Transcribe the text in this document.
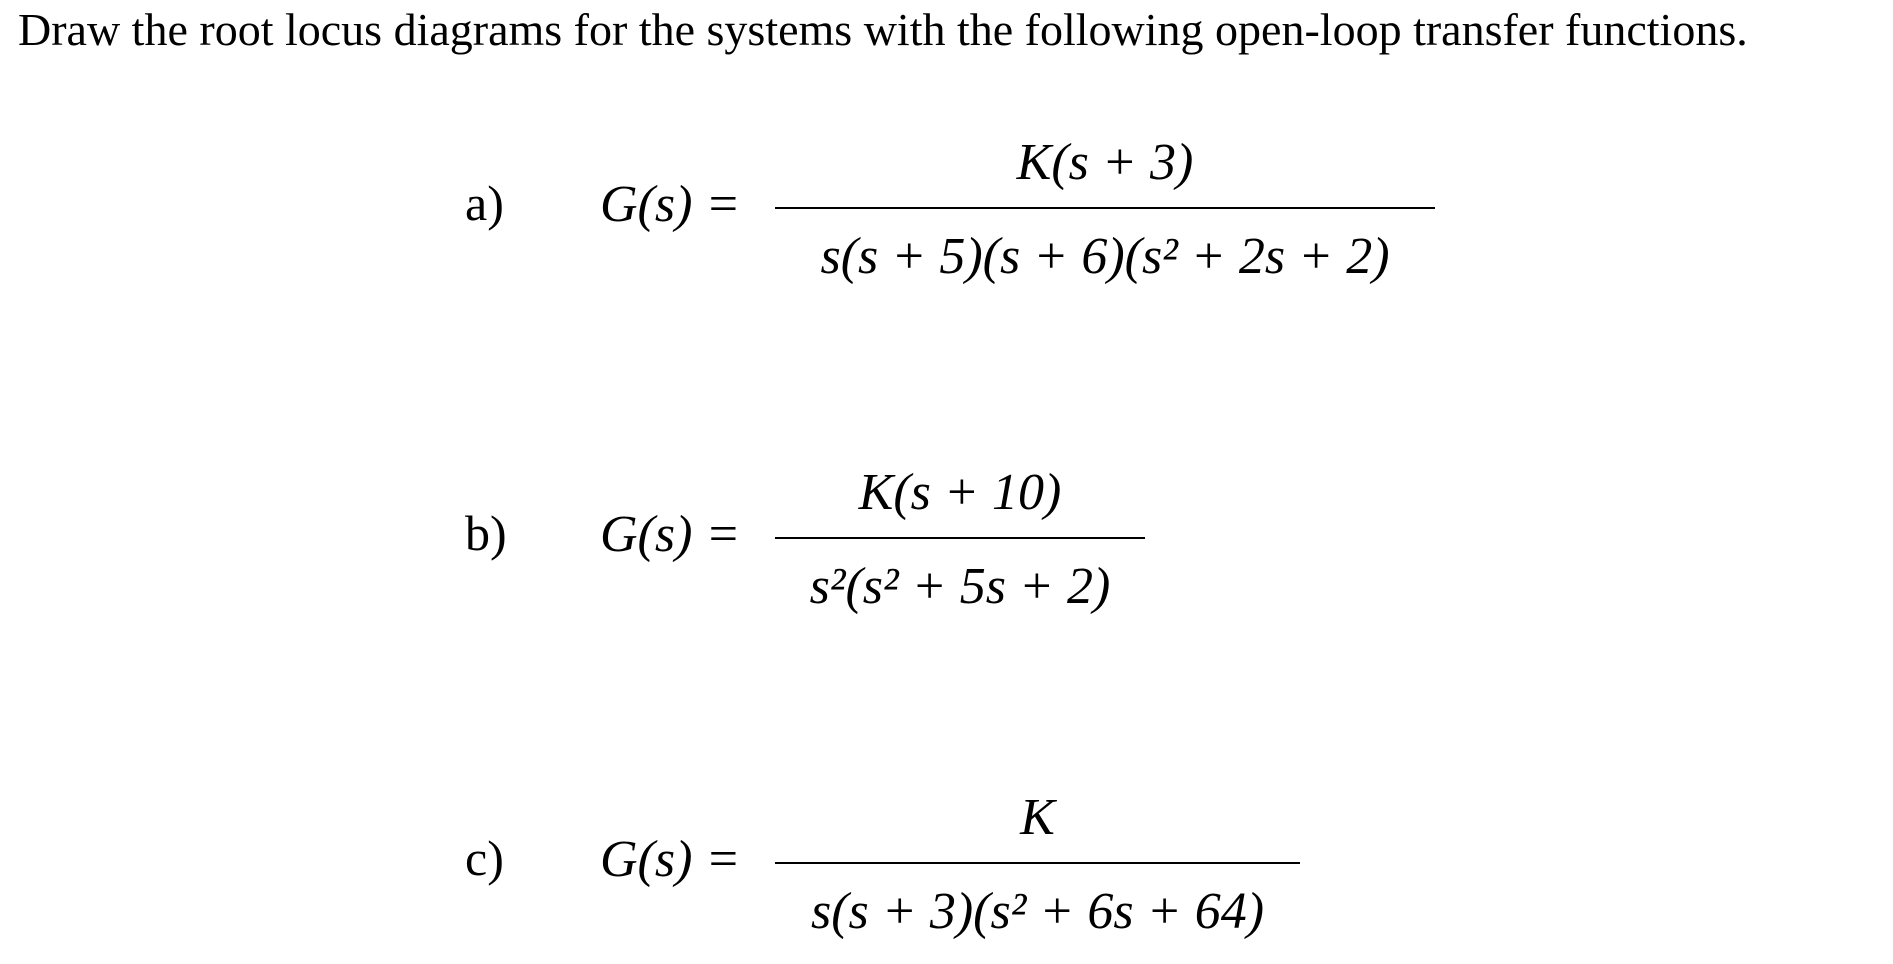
Draw the root locus diagrams for the systems with the following open-loop transfer functions.
a) G(s) =
K(s + 3)
s(s + 5)(s + 6)(s² + 2s + 2)
b) G(s) =
K(s + 10)
s²(s² + 5s + 2)
c) G(s) =
K
s(s + 3)(s² + 6s + 64)
